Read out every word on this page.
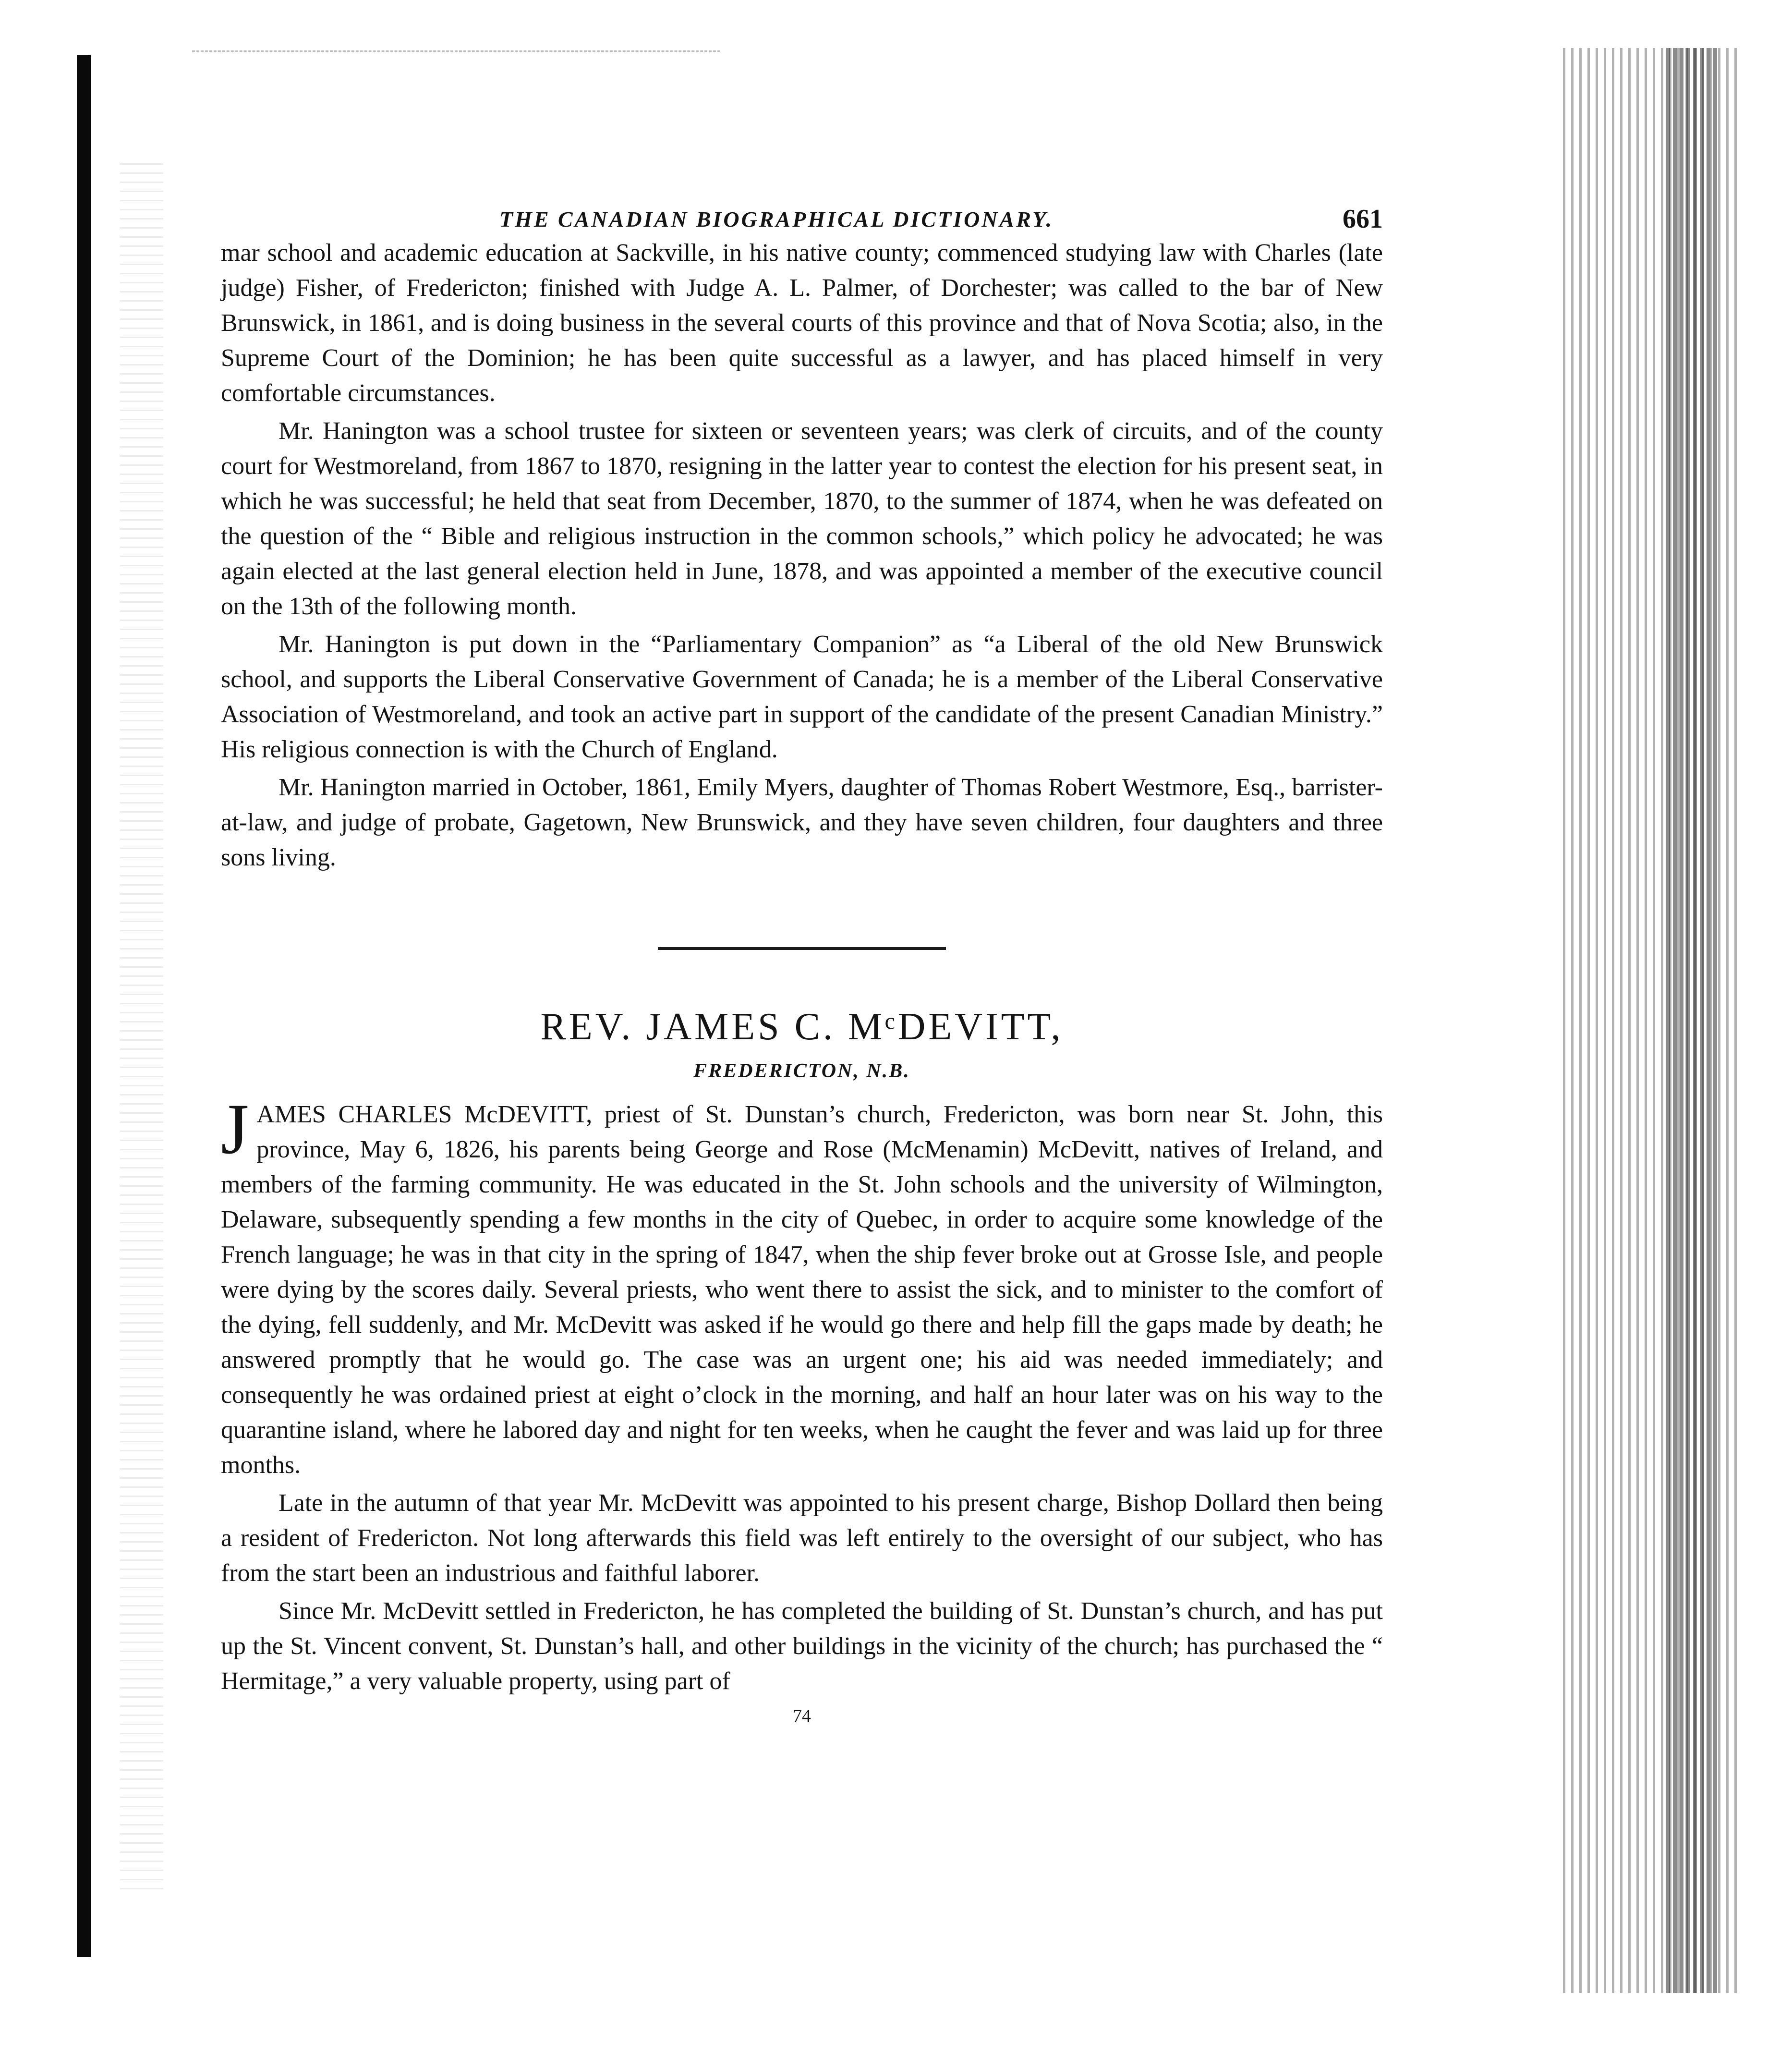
THE CANADIAN BIOGRAPHICAL DICTIONARY.	661

mar school and academic education at Sackville, in his native county; commenced studying law with Charles (late judge) Fisher, of Fredericton; finished with Judge A. L. Palmer, of Dorchester; was called to the bar of New Brunswick, in 1861, and is doing business in the several courts of this province and that of Nova Scotia; also, in the Supreme Court of the Dominion; he has been quite successful as a lawyer, and has placed himself in very comfortable circumstances.

Mr. Hanington was a school trustee for sixteen or seventeen years; was clerk of circuits, and of the county court for Westmoreland, from 1867 to 1870, resigning in the latter year to contest the election for his present seat, in which he was successful; he held that seat from December, 1870, to the summer of 1874, when he was defeated on the question of the “ Bible and religious instruction in the common schools,” which policy he advocated; he was again elected at the last general election held in June, 1878, and was appointed a member of the executive council on the 13th of the following month.

Mr. Hanington is put down in the “Parliamentary Companion” as “a Liberal of the old New Brunswick school, and supports the Liberal Conservative Government of Canada; he is a member of the Liberal Conservative Association of Westmoreland, and took an active part in support of the candidate of the present Canadian Ministry.” His religious connection is with the Church of England.

Mr. Hanington married in October, 1861, Emily Myers, daughter of Thomas Robert Westmore, Esq., barrister-at-law, and judge of probate, Gagetown, New Brunswick, and they have seven children, four daughters and three sons living.

REV. JAMES C. MᶜDEVITT,
FREDERICTON, N.B.

J AMES CHARLES McDEVITT, priest of St. Dunstan’s church, Fredericton, was born near St. John, this province, May 6, 1826, his parents being George and Rose (McMenamin) McDevitt, natives of Ireland, and members of the farming community. He was educated in the St. John schools and the university of Wilmington, Delaware, subsequently spending a few months in the city of Quebec, in order to acquire some knowledge of the French language; he was in that city in the spring of 1847, when the ship fever broke out at Grosse Isle, and people were dying by the scores daily. Several priests, who went there to assist the sick, and to minister to the comfort of the dying, fell suddenly, and Mr. McDevitt was asked if he would go there and help fill the gaps made by death; he answered promptly that he would go. The case was an urgent one; his aid was needed immediately; and consequently he was ordained priest at eight o’clock in the morning, and half an hour later was on his way to the quarantine island, where he labored day and night for ten weeks, when he caught the fever and was laid up for three months.

Late in the autumn of that year Mr. McDevitt was appointed to his present charge, Bishop Dollard then being a resident of Fredericton. Not long afterwards this field was left entirely to the oversight of our subject, who has from the start been an industrious and faithful laborer.

Since Mr. McDevitt settled in Fredericton, he has completed the building of St. Dunstan’s church, and has put up the St. Vincent convent, St. Dunstan’s hall, and other buildings in the vicinity of the church; has purchased the “ Hermitage,” a very valuable property, using part of

74
